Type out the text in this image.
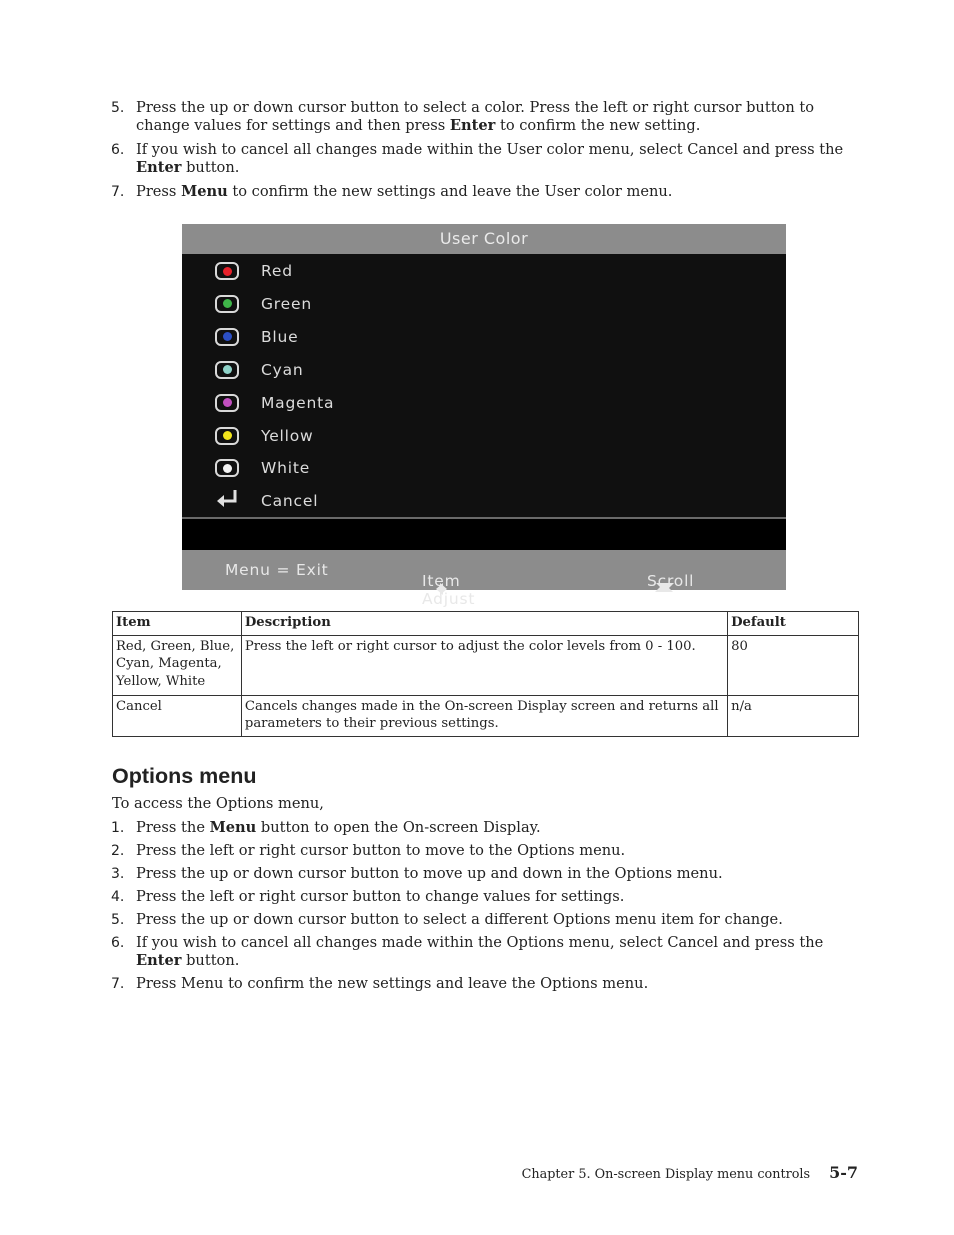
5. Press the up or down cursor button to select a color. Press the left or right cursor button to change values for settings and then press Enter to confirm the new setting.
6. If you wish to cancel all changes made within the User color menu, select Cancel and press the Enter button.
7. Press Menu to confirm the new settings and leave the User color menu.
User Color
Red
Green
Blue
Cyan
Magenta
Yellow
White
Cancel
Menu = Exit
Item Adjust
Scroll
Item	Description	Default
Red, Green, Blue, Cyan, Magenta, Yellow, White	Press the left or right cursor to adjust the color levels from 0 - 100.	80
Cancel	Cancels changes made in the On-screen Display screen and returns all parameters to their previous settings.	n/a
Options menu
To access the Options menu,
1. Press the Menu button to open the On-screen Display.
2. Press the left or right cursor button to move to the Options menu.
3. Press the up or down cursor button to move up and down in the Options menu.
4. Press the left or right cursor button to change values for settings.
5. Press the up or down cursor button to select a different Options menu item for change.
6. If you wish to cancel all changes made within the Options menu, select Cancel and press the Enter button.
7. Press Menu to confirm the new settings and leave the Options menu.
Chapter 5. On-screen Display menu controls 5-7
